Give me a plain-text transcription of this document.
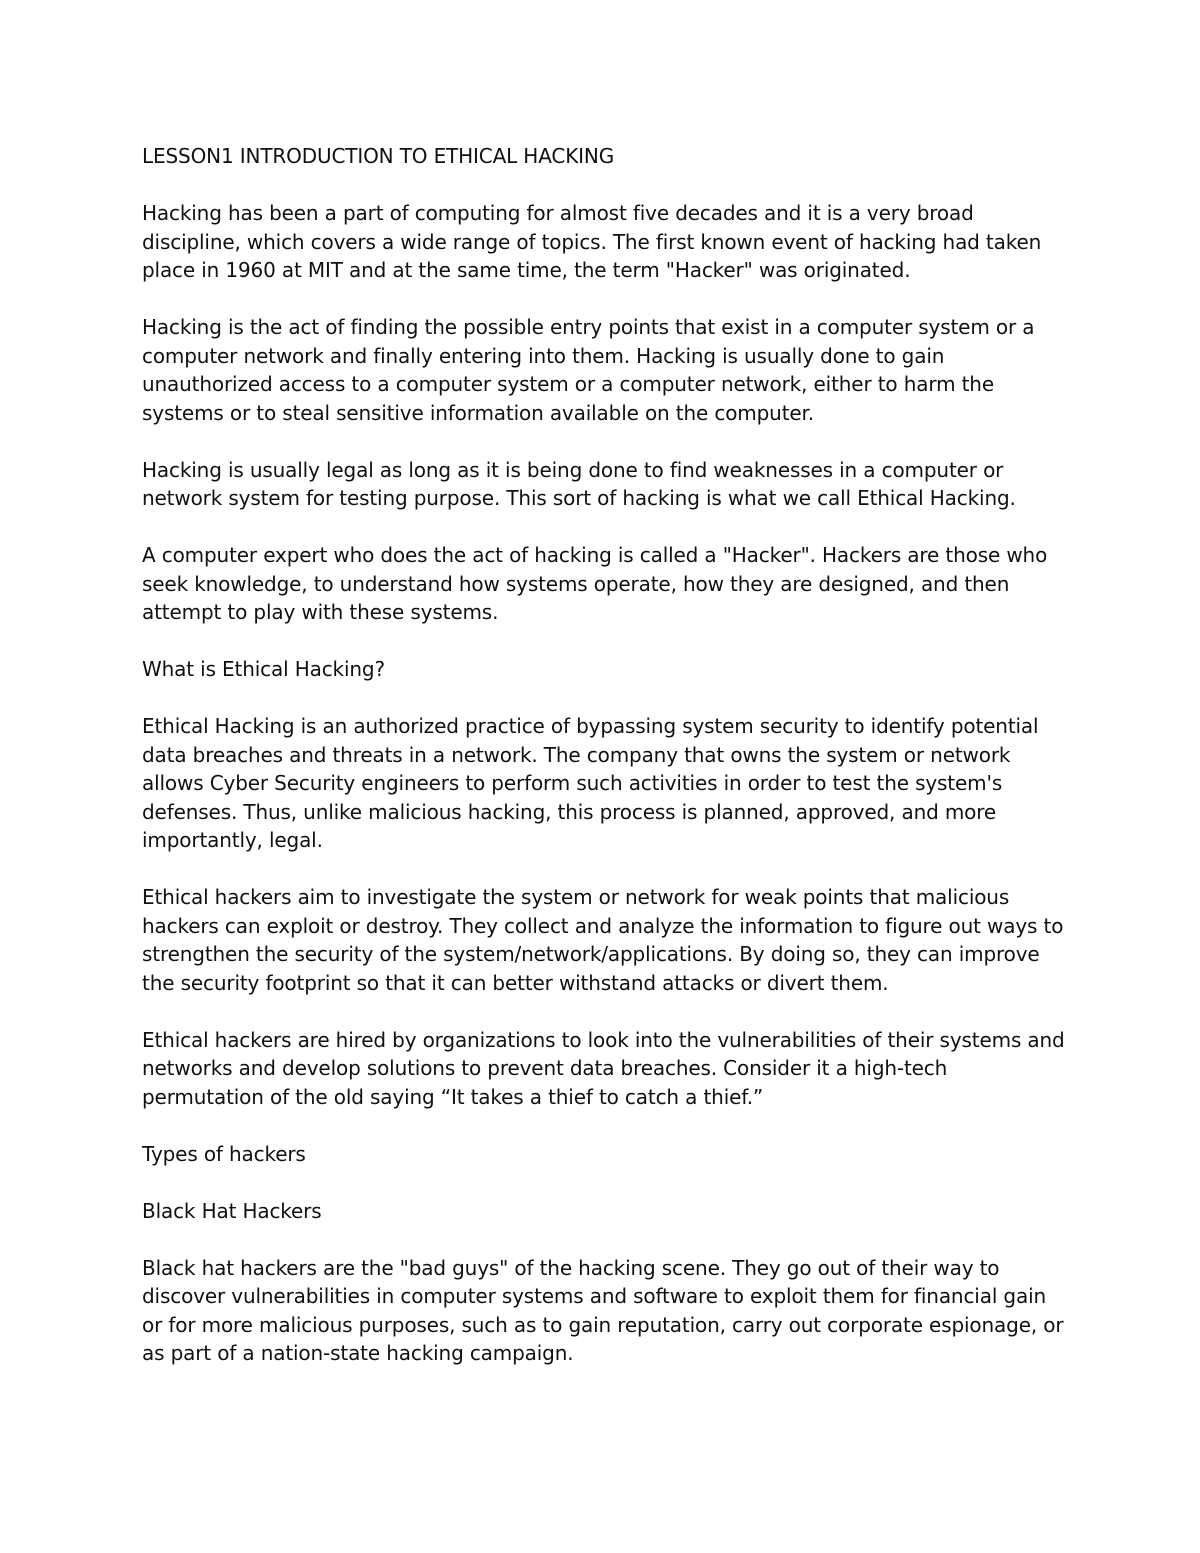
LESSON1 INTRODUCTION TO ETHICAL HACKING

Hacking has been a part of computing for almost five decades and it is a very broad discipline, which covers a wide range of topics. The first known event of hacking had taken place in 1960 at MIT and at the same time, the term "Hacker" was originated.

Hacking is the act of finding the possible entry points that exist in a computer system or a computer network and finally entering into them. Hacking is usually done to gain unauthorized access to a computer system or a computer network, either to harm the systems or to steal sensitive information available on the computer.

Hacking is usually legal as long as it is being done to find weaknesses in a computer or network system for testing purpose. This sort of hacking is what we call Ethical Hacking.

A computer expert who does the act of hacking is called a "Hacker". Hackers are those who seek knowledge, to understand how systems operate, how they are designed, and then attempt to play with these systems.

What is Ethical Hacking?

Ethical Hacking is an authorized practice of bypassing system security to identify potential data breaches and threats in a network. The company that owns the system or network allows Cyber Security engineers to perform such activities in order to test the system's defenses. Thus, unlike malicious hacking, this process is planned, approved, and more importantly, legal.

Ethical hackers aim to investigate the system or network for weak points that malicious hackers can exploit or destroy. They collect and analyze the information to figure out ways to strengthen the security of the system/network/applications. By doing so, they can improve the security footprint so that it can better withstand attacks or divert them.

Ethical hackers are hired by organizations to look into the vulnerabilities of their systems and networks and develop solutions to prevent data breaches. Consider it a high-tech permutation of the old saying “It takes a thief to catch a thief.”

Types of hackers

Black Hat Hackers

Black hat hackers are the "bad guys" of the hacking scene. They go out of their way to discover vulnerabilities in computer systems and software to exploit them for financial gain or for more malicious purposes, such as to gain reputation, carry out corporate espionage, or as part of a nation-state hacking campaign.
